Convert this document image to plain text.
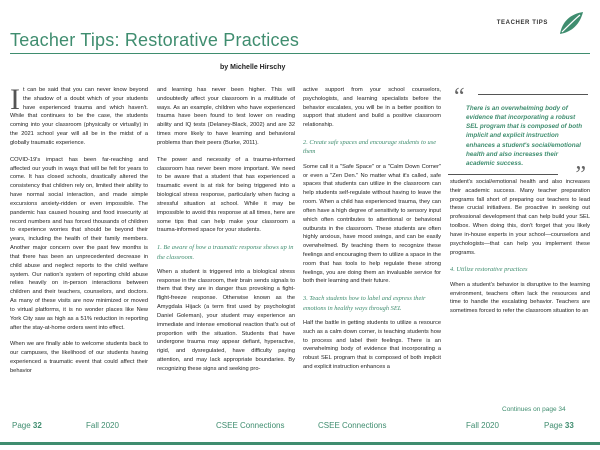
TEACHER TIPS
Teacher Tips: Restorative Practices
by Michelle Hirschy

It can be said that you can never know beyond the shadow of a doubt which of your students have experienced trauma and which haven't. While that continues to be the case, the students coming into your classroom (physically or virtually) in the 2021 school year will all be in the midst of a globally traumatic experience.

COVID-19's impact has been far-reaching and affected our youth in ways that will be felt for years to come. It has closed schools, drastically altered the consistency that children rely on, limited their ability to have normal social interaction, and made simple excursions anxiety-ridden or even impossible. The pandemic has caused housing and food insecurity at record numbers and has forced thousands of children to experience worries that should be beyond their years, including the health of their family members. Another major concern over the past few months is that there has been an unprecedented decrease in child abuse and neglect reports to the child welfare system. Our nation's system of reporting child abuse relies heavily on in-person interactions between children and their teachers, counselors, and doctors. As many of these visits are now minimized or moved to virtual platforms, it is no wonder places like New York City saw as high as a 51% reduction in reporting after the stay-at-home orders went into effect.

When we are finally able to welcome students back to our campuses, the likelihood of our students having experienced a traumatic event that could affect their behavior

and learning has never been higher. This will undoubtedly affect your classroom in a multitude of ways. As an example, children who have experienced trauma have been found to test lower on reading ability and IQ tests (Delaney-Black, 2002) and are 32 times more likely to have learning and behavioral problems than their peers (Burke, 2011).

The power and necessity of a trauma-informed classroom has never been more important. We need to be aware that a student that has experienced a traumatic event is at risk for being triggered into a biological stress response, particularly when facing a stressful situation at school. While it may be impossible to avoid this response at all times, here are some tips that can help make your classroom a trauma-informed space for your students.

1. Be aware of how a traumatic response shows up in the classroom.

When a student is triggered into a biological stress response in the classroom, their brain sends signals to them that they are in danger thus provoking a fight-flight-freeze response. Otherwise known as the Amygdala Hijack (a term first used by psychologist Daniel Goleman), your student may experience an immediate and intense emotional reaction that's out of proportion with the situation. Students that have undergone trauma may appear defiant, hyperactive, rigid, and dysregulated, have difficulty paying attention, and may lack appropriate boundaries. By recognizing these signs and seeking pro-

active support from your school counselors, psychologists, and learning specialists before the behavior escalates, you will be in a better position to support that student and build a positive classroom relationship.

2. Create safe spaces and encourage students to use them

Some call it a "Safe Space" or a "Calm Down Corner" or even a "Zen Den." No matter what it's called, safe spaces that students can utilize in the classroom can help students self-regulate without having to leave the room. When a child has experienced trauma, they can often have a high degree of sensitivity to sensory input which often contributes to attentional or behavioral outbursts in the classroom. These students are often highly anxious, have mood swings, and can be easily overwhelmed. By teaching them to recognize these feelings and encouraging them to utilize a space in the room that has tools to help regulate these strong feelings, you are doing them an invaluable service for both their learning and their future.

3. Teach students how to label and express their emotions in healthy ways through SEL

Half the battle in getting students to utilize a resource such as a calm down corner, is teaching students how to process and label their feelings. There is an overwhelming body of evidence that incorporating a robust SEL program that is composed of both implicit and explicit instruction enhances a

“ There is an overwhelming body of evidence that incorporating a robust SEL program that is composed of both implicit and explicit instruction enhances a student's social/emotional health and also increases their academic success.	”

student's social/emotional health and also increases their academic success. Many teacher preparation programs fall short of preparing our teachers to lead these crucial initiatives. Be proactive in seeking out professional development that can help build your SEL toolbox. When doing this, don't forget that you likely have in-house experts in your school—counselors and psychologists—that can help you implement these programs.

4. Utilize restorative practices

When a student's behavior is disruptive to the learning environment, teachers often lack the resources and time to handle the escalating behavior. Teachers are sometimes forced to refer the classroom situation to an

Continues on page 34
Page 32	Fall 2020	CSEE Connections	CSEE Connections	Fall 2020	Page 33
